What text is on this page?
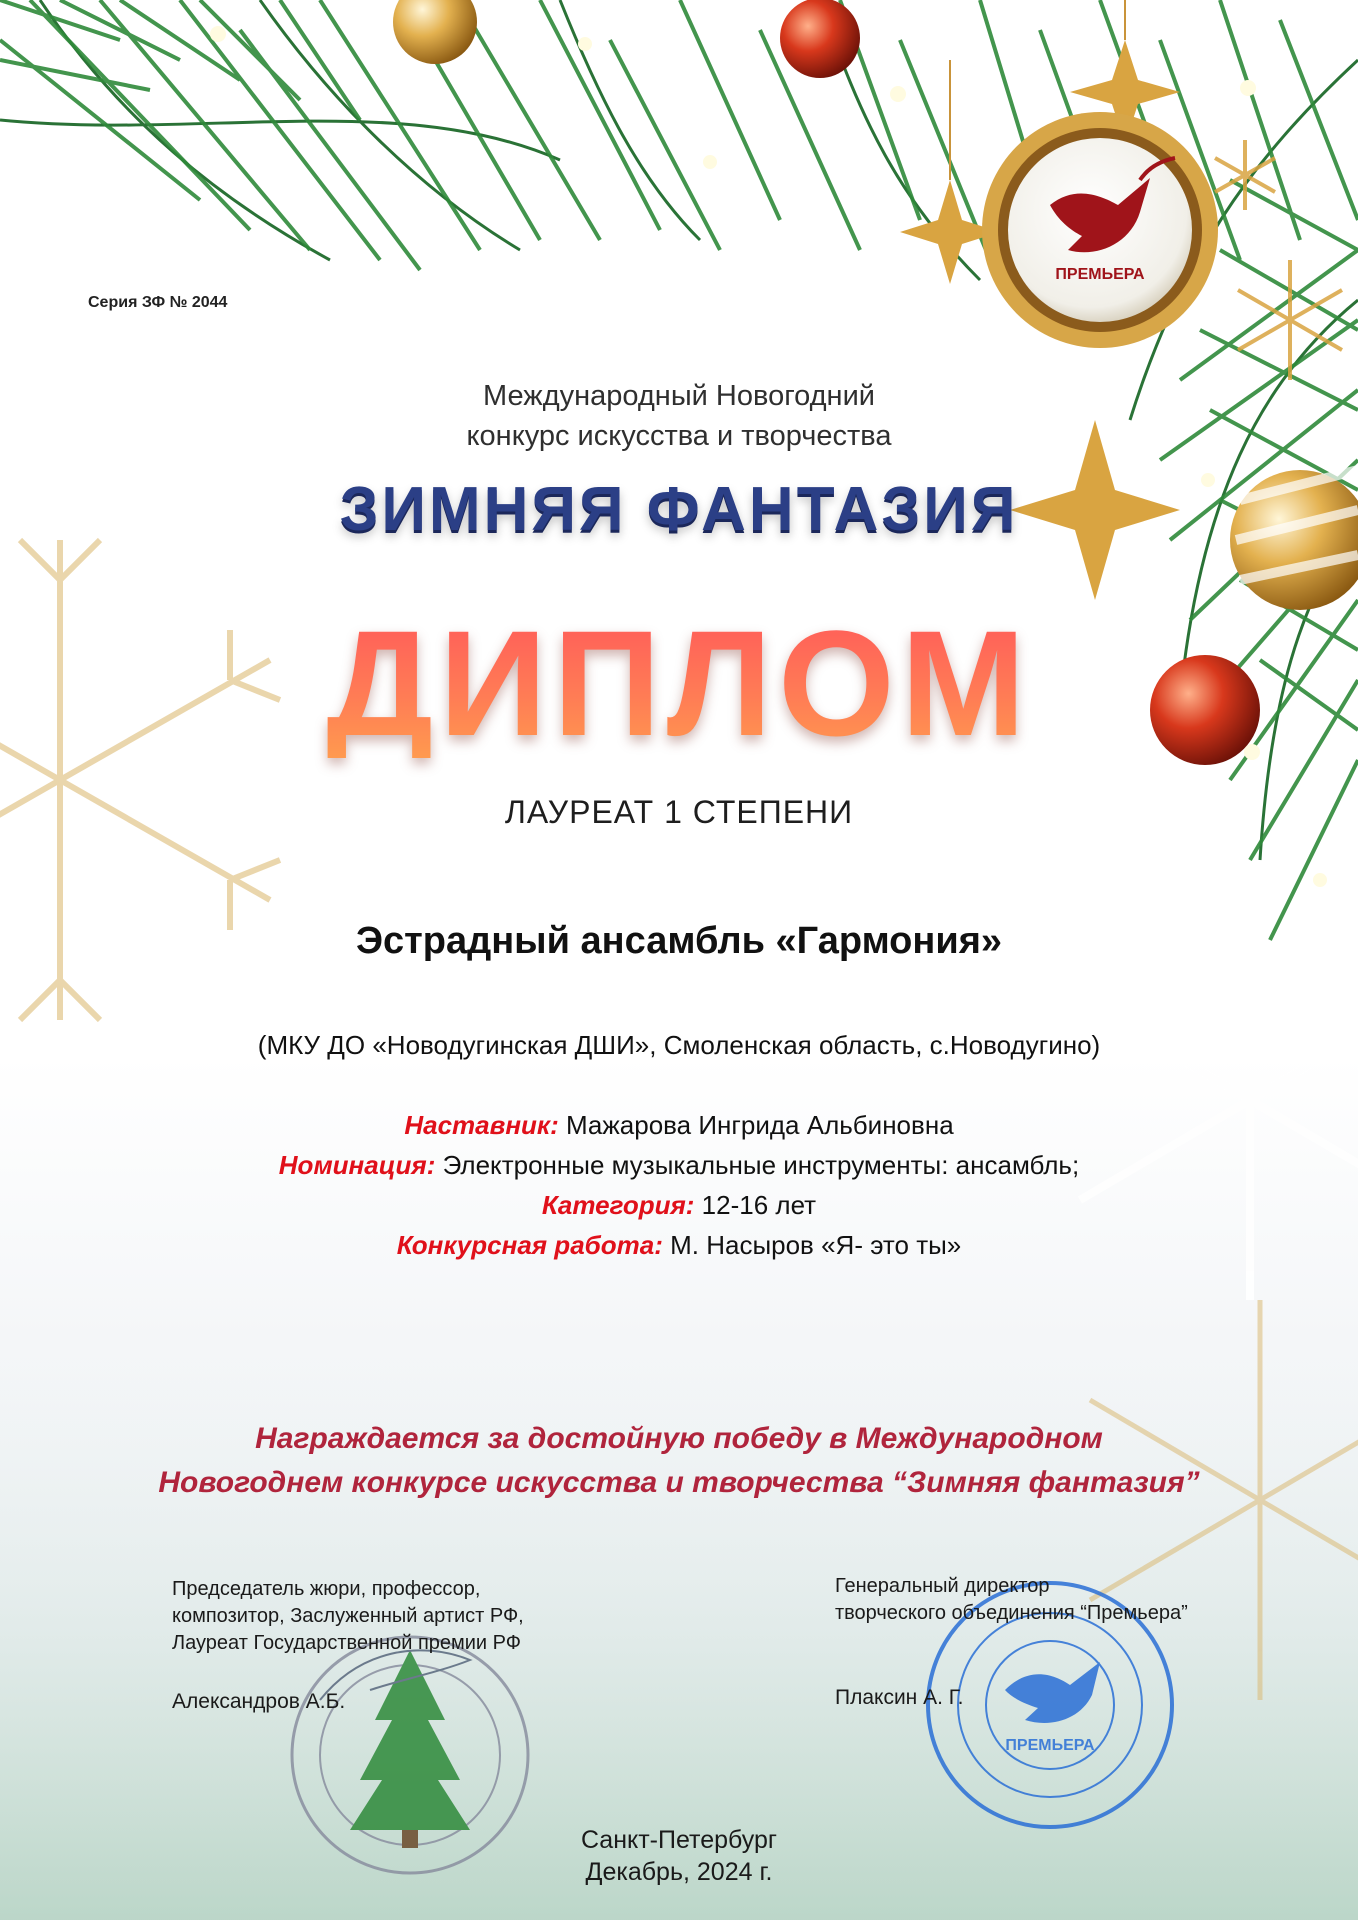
ПРЕМЬЕРА
Серия ЗФ № 2044
Международный Новогодний
конкурс искусства и творчества
ЗИМНЯЯ ФАНТАЗИЯ
ДИПЛОМ
ЛАУРЕАТ 1 СТЕПЕНИ
Эстрадный ансамбль «Гармония»
(МКУ ДО «Новодугинская ДШИ», Смоленская область, с.Новодугино)
Наставник: Мажарова Ингрида Альбиновна
Номинация: Электронные музыкальные инструменты: ансамбль;
Категория: 12-16 лет
Конкурсная работа: М. Насыров «Я- это ты»
Награждается за достойную победу в Международном
Новогоднем конкурсе искусства и творчества “Зимняя фантазия”
Председатель жюри, профессор,
композитор, Заслуженный артист РФ,
Лауреат Государственной премии РФ
Александров А.Б.
Генеральный директор
творческого объединения “Премьера”
Плаксин А. Г.
Санкт-Петербург
Декабрь, 2024 г.
ПРЕМЬЕРА
